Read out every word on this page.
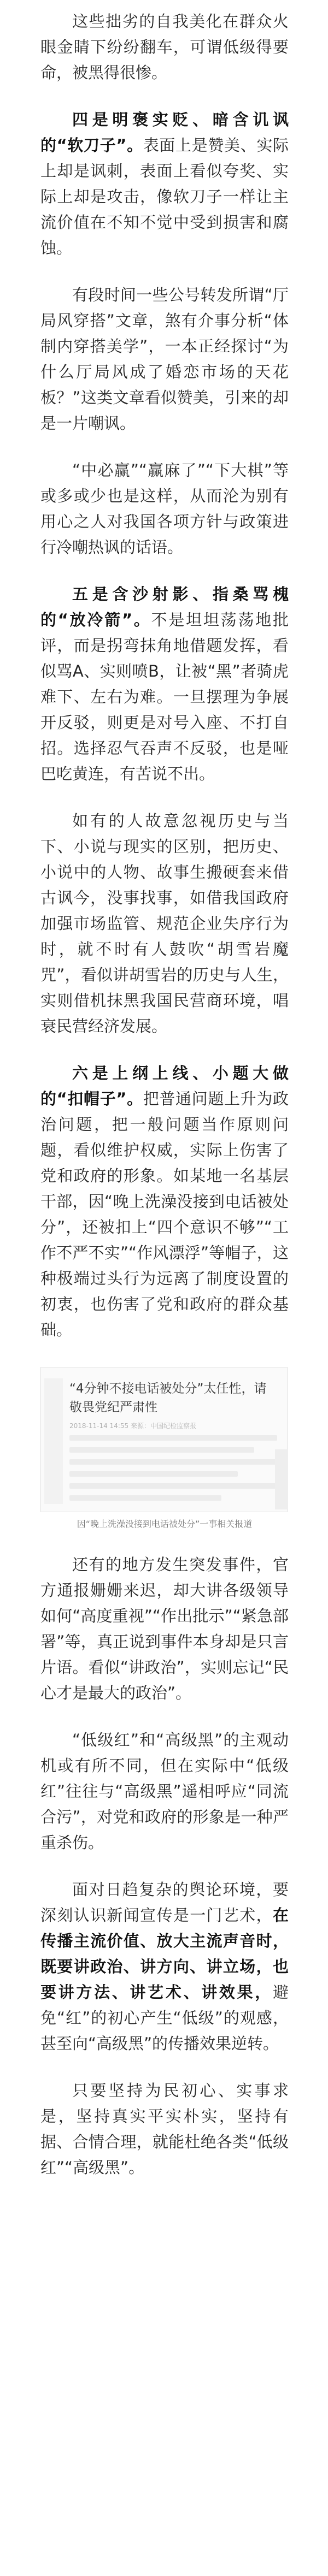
这些拙劣的自我美化在群众火眼金睛下纷纷翻车，可谓低级得要命，被黑得很惨。

四是明褒实贬、暗含讥讽的“软刀子”。表面上是赞美、实际上却是讽刺，表面上看似夸奖、实际上却是攻击，像软刀子一样让主流价值在不知不觉中受到损害和腐蚀。

有段时间一些公号转发所谓“厅局风穿搭”文章，煞有介事分析“体制内穿搭美学”，一本正经探讨“为什么厅局风成了婚恋市场的天花板？”这类文章看似赞美，引来的却是一片嘲讽。

“中必赢”“赢麻了”“下大棋”等或多或少也是这样，从而沦为别有用心之人对我国各项方针与政策进行冷嘲热讽的话语。

五是含沙射影、指桑骂槐的“放冷箭”。不是坦坦荡荡地批评，而是拐弯抹角地借题发挥，看似骂A、实则喷B，让被“黑”者骑虎难下、左右为难。一旦摆理为争展开反驳，则更是对号入座、不打自招。选择忍气吞声不反驳，也是哑巴吃黄连，有苦说不出。

如有的人故意忽视历史与当下、小说与现实的区别，把历史、小说中的人物、故事生搬硬套来借古讽今，没事找事，如借我国政府加强市场监管、规范企业失序行为时，就不时有人鼓吹“胡雪岩魔咒”，看似讲胡雪岩的历史与人生，实则借机抹黑我国民营商环境，唱衰民营经济发展。

六是上纲上线、小题大做的“扣帽子”。把普通问题上升为政治问题，把一般问题当作原则问题，看似维护权威，实际上伤害了党和政府的形象。如某地一名基层干部，因“晚上洗澡没接到电话被处分”，还被扣上“四个意识不够”“工作不严不实”“作风漂浮”等帽子，这种极端过头行为远离了制度设置的初衷，也伤害了党和政府的群众基础。

“4分钟不接电话被处分”太任性，请敬畏党纪严肃性
2018-11-14 14:55 来源：中国纪检监察报
因“晚上洗澡没接到电话被处分”一事相关报道

还有的地方发生突发事件，官方通报姗姗来迟，却大讲各级领导如何“高度重视”“作出批示”“紧急部署”等，真正说到事件本身却是只言片语。看似“讲政治”，实则忘记“民心才是最大的政治”。

“低级红”和“高级黑”的主观动机或有所不同，但在实际中“低级红”往往与“高级黑”遥相呼应“同流合污”，对党和政府的形象是一种严重杀伤。

面对日趋复杂的舆论环境，要深刻认识新闻宣传是一门艺术，在传播主流价值、放大主流声音时，既要讲政治、讲方向、讲立场，也要讲方法、讲艺术、讲效果，避免“红”的初心产生“低级”的观感，甚至向“高级黑”的传播效果逆转。

只要坚持为民初心、实事求是，坚持真实平实朴实，坚持有据、合情合理，就能杜绝各类“低级红”“高级黑”。
